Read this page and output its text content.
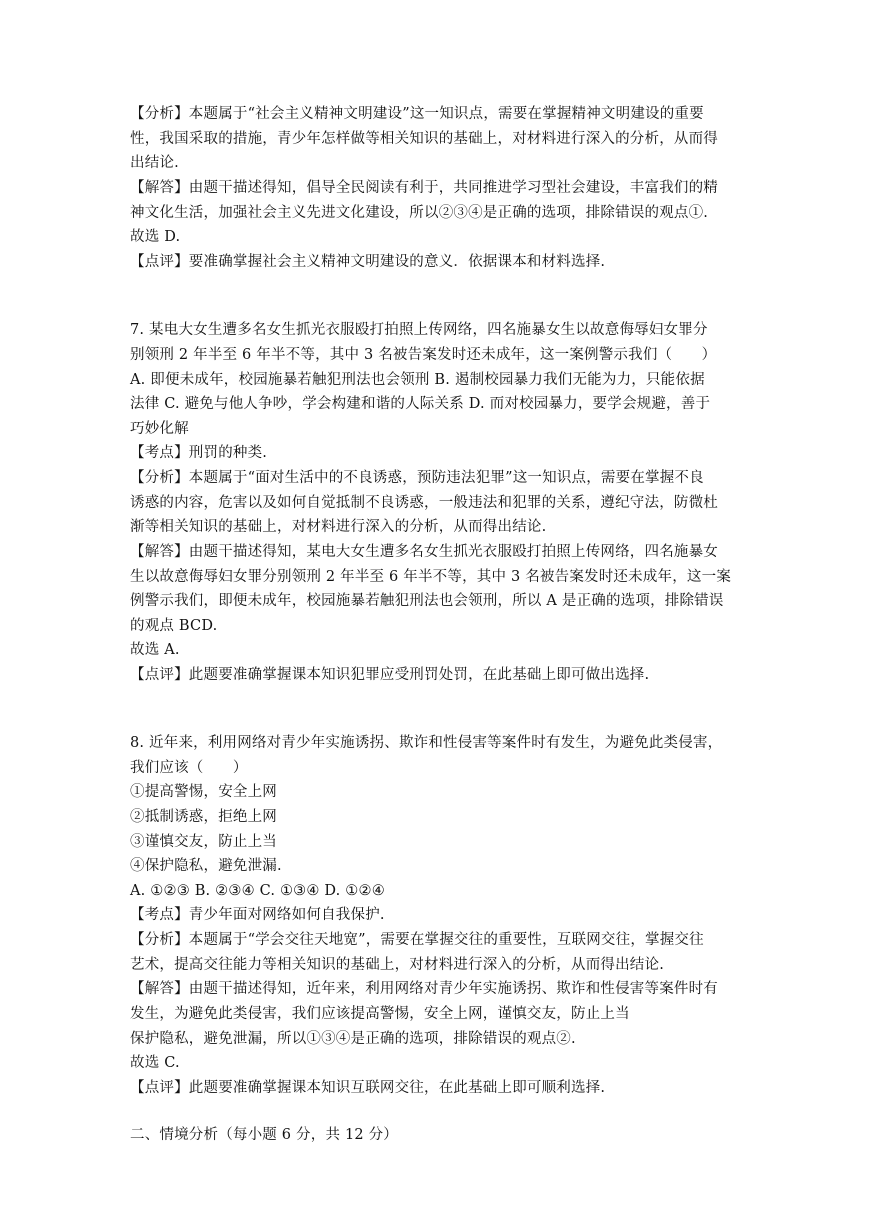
【分析】本题属于“社会主义精神文明建设”这一知识点，需要在掌握精神文明建设的重要
性，我国采取的措施，青少年怎样做等相关知识的基础上，对材料进行深入的分析，从而得
出结论.
【解答】由题干描述得知，倡导全民阅读有利于，共同推进学习型社会建设，丰富我们的精
神文化生活，加强社会主义先进文化建设，所以②③④是正确的选项，排除错误的观点①.
故选 D.
【点评】要准确掌握社会主义精神文明建设的意义．依据课本和材料选择.
7. 某电大女生遭多名女生抓光衣服殴打拍照上传网络，四名施暴女生以故意侮辱妇女罪分
别领刑 2 年半至 6 年半不等，其中 3 名被告案发时还未成年，这一案例警示我们（　　）
A. 即便未成年，校园施暴若触犯刑法也会领刑 B. 遏制校园暴力我们无能为力，只能依据
法律 C. 避免与他人争吵，学会构建和谐的人际关系 D. 而对校园暴力，要学会规避，善于
巧妙化解
【考点】刑罚的种类.
【分析】本题属于“面对生活中的不良诱惑，预防违法犯罪”这一知识点，需要在掌握不良
诱惑的内容，危害以及如何自觉抵制不良诱惑，一般违法和犯罪的关系，遵纪守法，防微杜
渐等相关知识的基础上，对材料进行深入的分析，从而得出结论.
【解答】由题干描述得知，某电大女生遭多名女生抓光衣服殴打拍照上传网络，四名施暴女
生以故意侮辱妇女罪分别领刑 2 年半至 6 年半不等，其中 3 名被告案发时还未成年，这一案
例警示我们，即便未成年，校园施暴若触犯刑法也会领刑，所以 A 是正确的选项，排除错误
的观点 BCD.
故选 A.
【点评】此题要准确掌握课本知识犯罪应受刑罚处罚，在此基础上即可做出选择.
8. 近年来，利用网络对青少年实施诱拐、欺诈和性侵害等案件时有发生，为避免此类侵害，
我们应该（　　）
①提高警惕，安全上网
②抵制诱惑，拒绝上网
③谨慎交友，防止上当
④保护隐私，避免泄漏.
A. ①②③ B. ②③④ C. ①③④ D. ①②④
【考点】青少年面对网络如何自我保护.
【分析】本题属于“学会交往天地宽”，需要在掌握交往的重要性，互联网交往，掌握交往
艺术，提高交往能力等相关知识的基础上，对材料进行深入的分析，从而得出结论.
【解答】由题干描述得知，近年来，利用网络对青少年实施诱拐、欺诈和性侵害等案件时有
发生，为避免此类侵害，我们应该提高警惕，安全上网，谨慎交友，防止上当
保护隐私，避免泄漏，所以①③④是正确的选项，排除错误的观点②.
故选 C.
【点评】此题要准确掌握课本知识互联网交往，在此基础上即可顺利选择.
二、情境分析（每小题 6 分，共 12 分）
